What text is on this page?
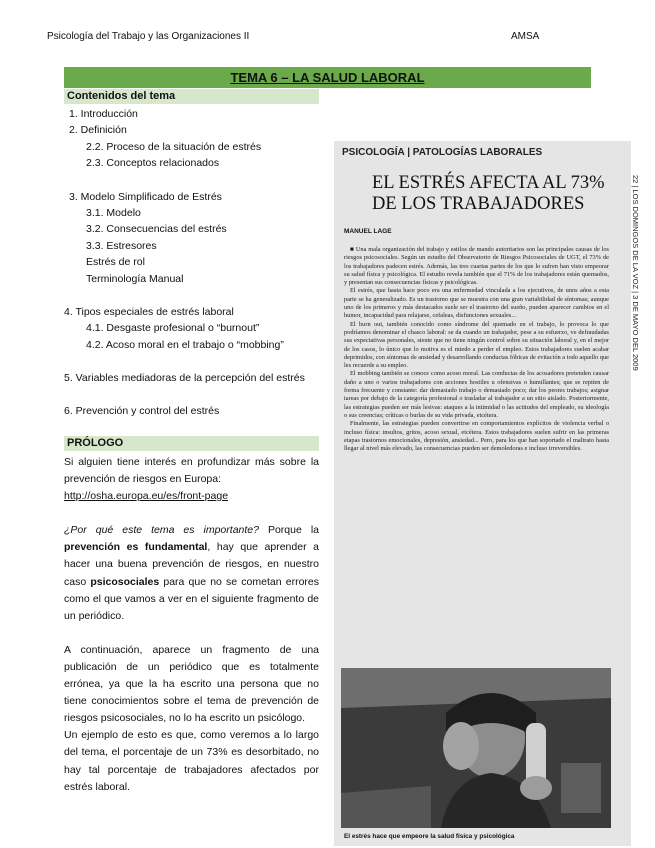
Psicología del Trabajo y las Organizaciones II	AMSA
TEMA 6 – LA SALUD LABORAL
Contenidos del tema
1. Introducción
2. Definición
2.2. Proceso de la situación de estrés
2.3. Conceptos relacionados
3. Modelo Simplificado de Estrés
3.1. Modelo
3.2. Consecuencias del estrés
3.3. Estresores
Estrés de rol
Terminología Manual
4. Tipos especiales de estrés laboral
4.1. Desgaste profesional o “burnout”
4.2. Acoso moral en el trabajo o “mobbing”
5. Variables mediadoras de la percepción del estrés
6. Prevención y control del estrés
PRÓLOGO

Si alguien tiene interés en profundizar más sobre la prevención de riesgos en Europa:
http://osha.europa.eu/es/front-page

¿Por qué este tema es importante? Porque la prevención es fundamental, hay que aprender a hacer una buena prevención de riesgos, en nuestro caso psicosociales para que no se cometan errores como el que vamos a ver en el siguiente fragmento de un periódico.

A continuación, aparece un fragmento de una publicación de un periódico que es totalmente errónea, ya que la ha escrito una persona que no tiene conocimientos sobre el tema de prevención de riesgos psicosociales, no lo ha escrito un psicólogo.

Un ejemplo de esto es que, como veremos a lo largo del tema, el porcentaje de un 73% es desorbitado, no hay tal porcentaje de trabajadores afectados por estrés laboral.

PSICOLOGÍA | PATOLOGÍAS LABORALES
EL ESTRÉS AFECTA AL 73% DE LOS TRABAJADORES
MANUEL LAGE	22 | LOS DOMINGOS DE LA VOZ | 3 DE MAYO DEL 2009

■ Una mala organización del trabajo y estilos de mando autoritarios son las principales causas de los riesgos psicosociales. Según un estudio del Observatorio de Riesgos Psicosociales de UGT, el 73% de los trabajadores padecen estrés. Además, las tres cuartas partes de los que lo sufren han visto empeorar su salud física y psicológica. El estudio revela también que el 71% de los trabajadores están quemados, y presentan sus consecuencias físicas y psicológicas.

El estrés, que hasta hace poco era una enfermedad vinculada a los ejecutivos, de unos años a esta parte se ha generalizado. Es un trastorno que se muestra con una gran variabilidad de síntomas; aunque uno de los primeros y más destacados suele ser el trastorno del sueño, pueden aparecer cambios en el humor, incapacidad para relajarse, cefaleas, disfunciones sexuales...

El burn out, también conocido como síndrome del quemado en el trabajo, lo provoca lo que podríamos denominar el chasco laboral: se da cuando un trabajador, pese a su esfuerzo, ve defraudadas sus expectativas personales, siente que no tiene ningún control sobre su situación laboral y, en el mejor de los casos, lo único que lo motiva es el miedo a perder el empleo. Estos trabajadores suelen acabar deprimidos, con síntomas de ansiedad y desarrollando conductas fóbicas de evitación a todo aquello que les recuerde a su empleo.

El mobbing también se conoce como acoso moral. Las conductas de los acosadores pretenden causar daño a uno o varios trabajadores con acciones hostiles u ofensivas o humillantes; que se repiten de forma frecuente y constante: dar demasiado trabajo o demasiado poco; dar los peores trabajos; asignar tareas por debajo de la categoría profesional o trasladar al trabajador a un sitio aislado. Posteriormente, las estrategias pueden ser más lesivas: ataques a la intimidad o las actitudes del empleado, su ideología o sus creencias; críticas o burlas de su vida privada, etcétera.

Finalmente, las estrategias pueden convertirse en comportamientos explícitos de violencia verbal o incluso física: insultos, gritos, acoso sexual, etcétera. Estos trabajadores suelen sufrir en las primeras etapas trastornos emocionales, depresión, ansiedad... Pero, para los que han soportado el maltrato hasta llegar al nivel más elevado, las consecuencias pueden ser demoledoras e incluso irreversibles.

El estrés hace que empeore la salud física y psicológica
